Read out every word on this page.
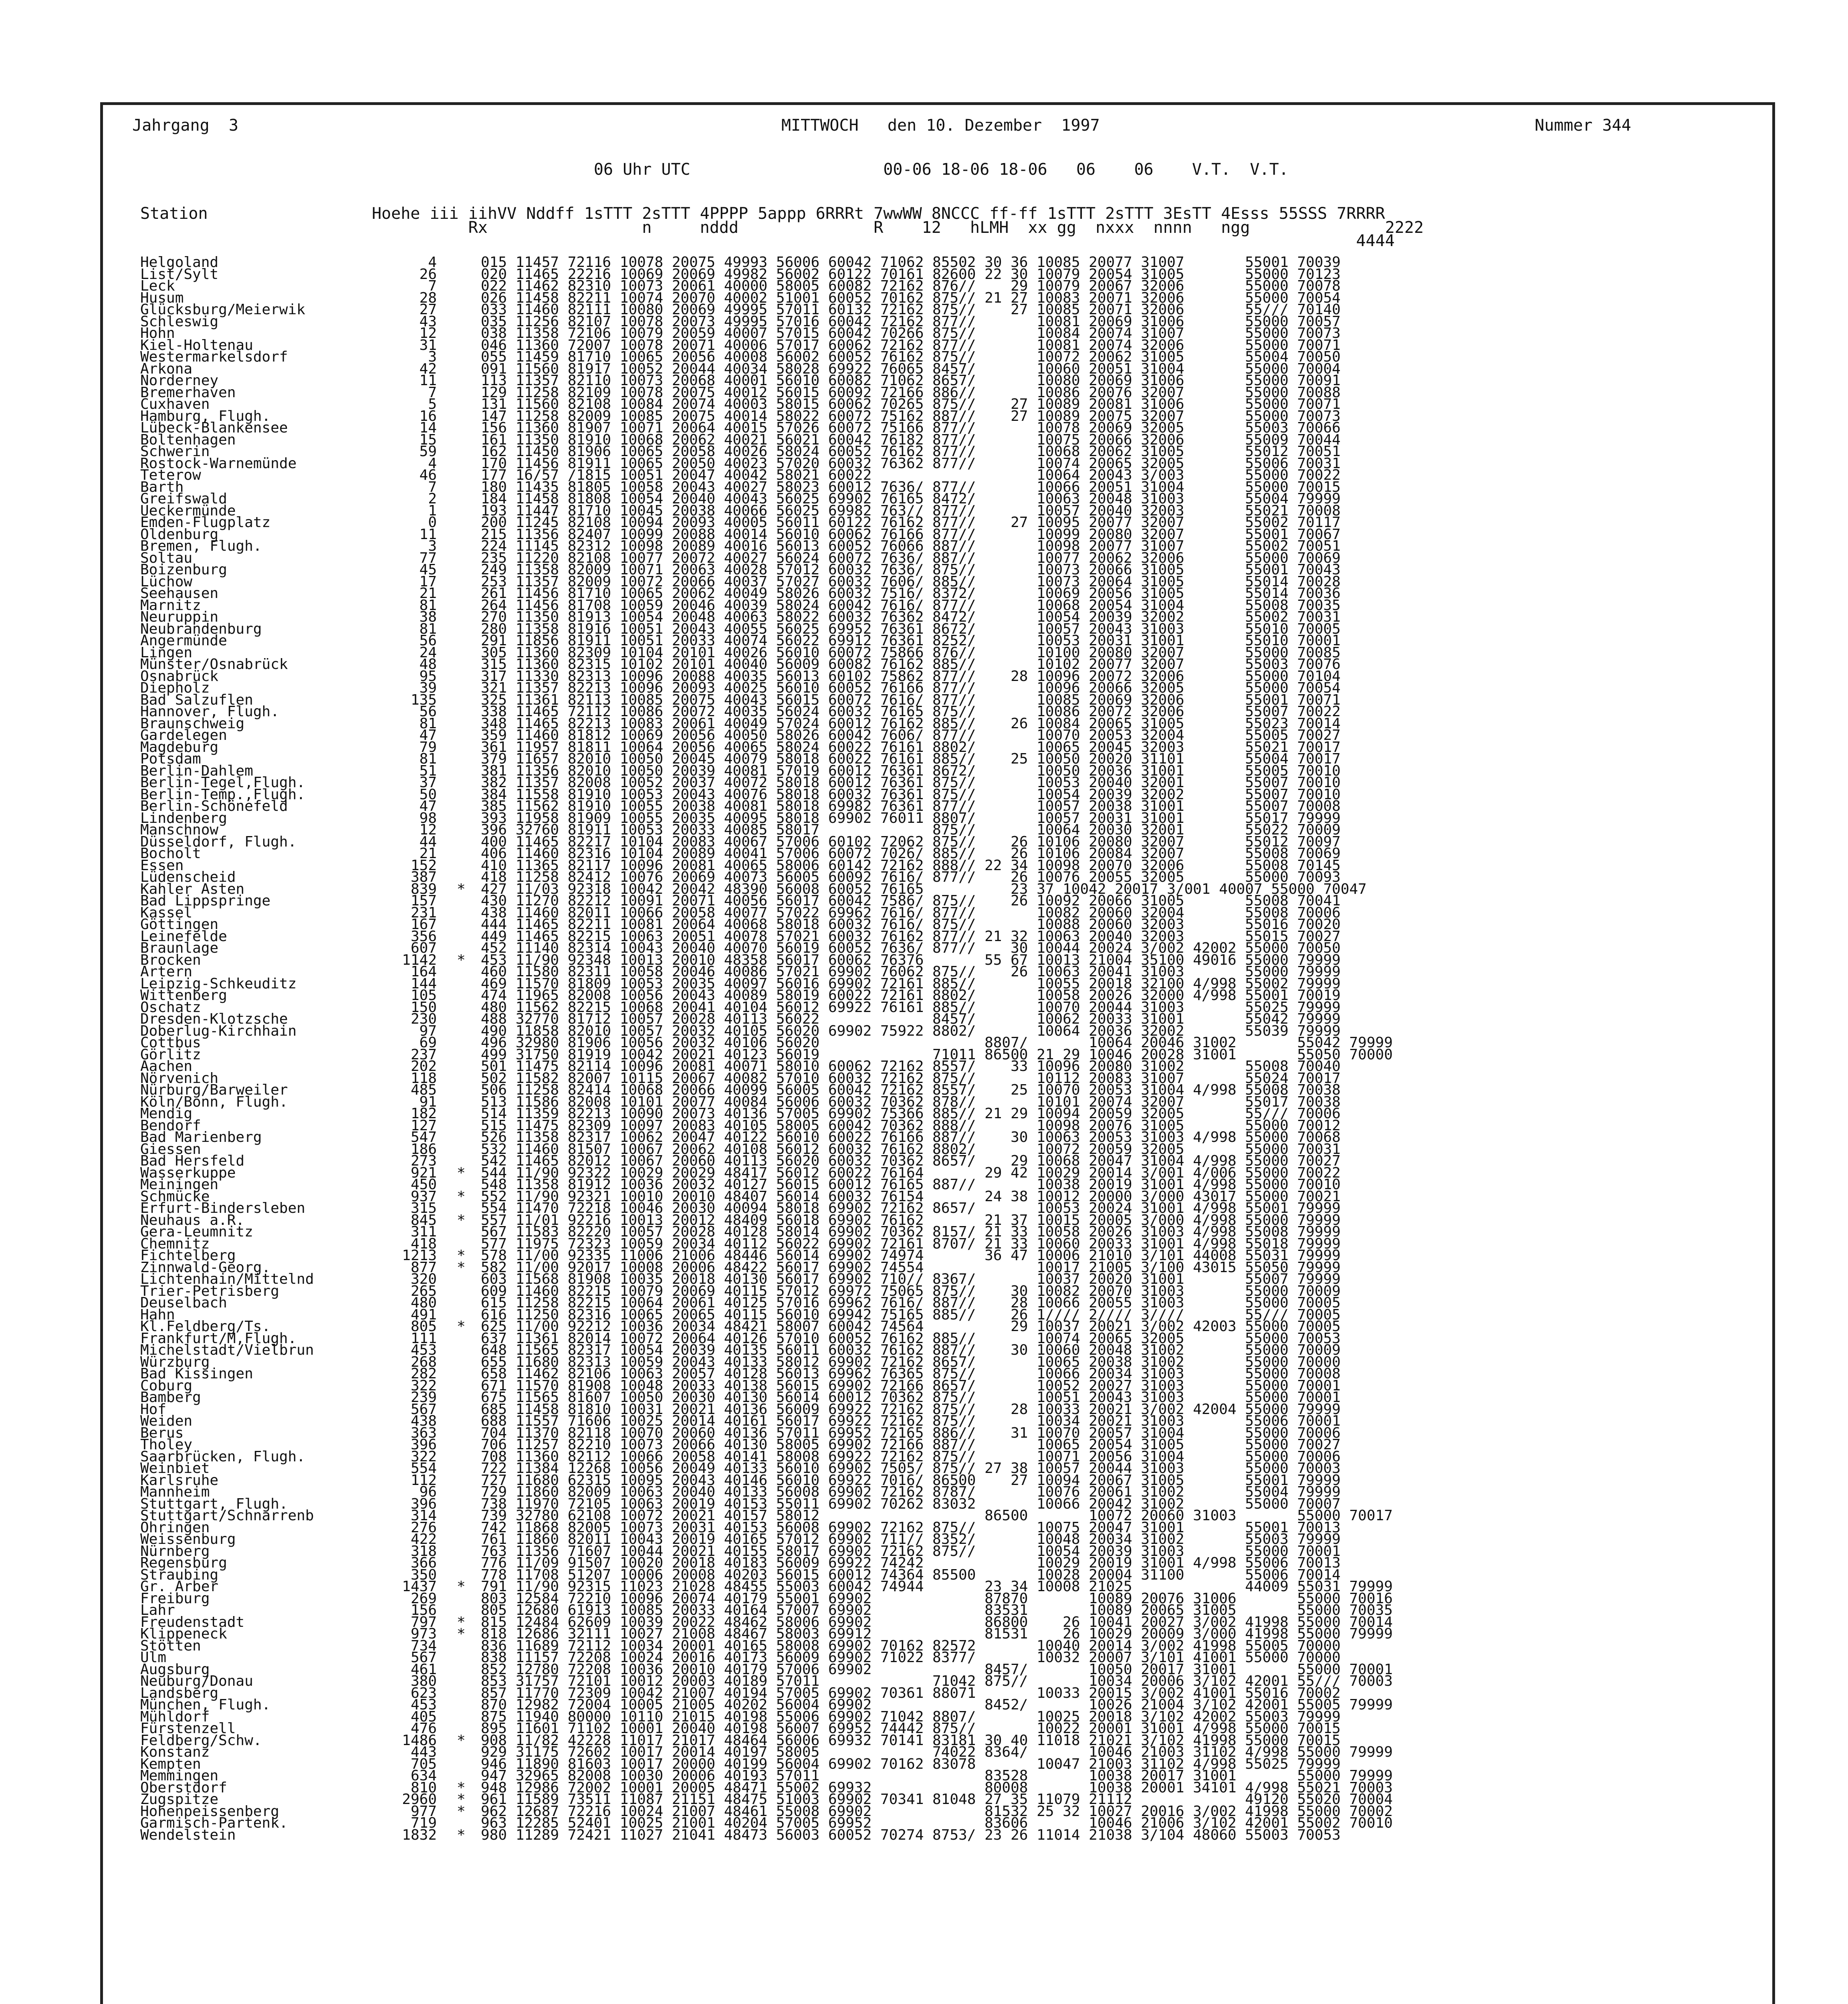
Jahrgang  3	MITTWOCH   den 10. Dezember  1997	Nummer 344
06 Uhr UTC                    00-06 18-06 18-06   06    06    V.T.  V.T.
Station                 Hoehe iii iihVV Nddff 1sTTT 2sTTT 4PPPP 5appp 6RRRt 7wwWW 8NCCC ff-ff 1sTTT 2sTTT 3EsTT 4Esss 55SSS 7RRRR
Rx                n     nddd              R    12   hLMH  xx gg  nxxx  nnnn   ngg              2222
4444
Helgoland	4	015 11457 72116 10078 20075 49993 56006 60042 71062 85502 30 36 10085 20077 31007       55001 70039
List/Sylt	26	020 11465 22216 10069 20069 49982 56002 60122 70161 82600 22 30 10079 20054 31005       55000 70123
Leck	7	022 11462 82310 10073 20061 40000 58005 60082 72162 876//    29 10079 20067 32006       55000 70078
Husum	28	026 11458 82211 10074 20070 40002 51001 60052 70162 875// 21 27 10083 20071 32006       55000 70054
Glücksburg/Meierwik	27	033 11460 82111 10080 20069 49995 57011 60132 72162 875//    27 10085 20071 32006       55/// 70140
Schleswig	43	035 11256 82107 10078 20073 49995 57016 60042 72162 877//       10081 20069 31006       55000 70057
Hohn	12	038 11358 72106 10079 20059 40007 57015 60042 70266 875//       10084 20074 31007       55000 70073
Kiel-Holtenau	31	046 11360 72007 10078 20071 40006 57017 60062 72162 877//       10081 20074 32006       55000 70071
Westermarkelsdorf	3	055 11459 81710 10065 20056 40008 56002 60052 76162 875//       10072 20062 31005       55004 70050
Arkona	42	091 11560 81917 10052 20044 40034 58028 69922 76065 8457/       10060 20051 31004       55000 70004
Norderney	11	113 11357 82110 10073 20068 40001 56010 60082 71062 8657/       10080 20069 31006       55000 70091
Bremerhaven	7	129 11258 82109 10078 20075 40012 56015 60092 72166 886//       10086 20076 32007       55000 70088
Cuxhaven	5	131 11560 82108 10084 20074 40003 58015 60062 70265 875//    27 10089 20081 31006       55000 70071
Hamburg, Flugh.	16	147 11258 82009 10085 20075 40014 58022 60072 75162 887//    27 10089 20075 32007       55000 70073
Lübeck-Blankensee	14	156 11360 81907 10071 20064 40015 57026 60072 75166 877//       10078 20069 32005       55003 70066
Boltenhagen	15	161 11350 81910 10068 20062 40021 56021 60042 76182 877//       10075 20066 32006       55009 70044
Schwerin	59	162 11450 81906 10065 20058 40026 58024 60052 76162 877//       10068 20062 31005       55012 70051
Rostock-Warnemünde	4	170 11456 81911 10065 20050 40023 57020 60032 76362 877//       10074 20065 32005       55006 70031
Teterow	46	177 16/57 /1815 10051 20047 40042 58021 60022                   10064 20043 3/003       55000 70022
Barth	7	180 11435 81805 10058 20043 40027 58023 60012 7636/ 877//       10066 20051 31004       55000 70015
Greifswald	2	184 11458 81808 10054 20040 40043 56025 69902 76165 8472/       10063 20048 31003       55004 79999
Ueckermünde	1	193 11447 81710 10045 20038 40066 56025 69982 763// 877//       10057 20040 32003       55021 70008
Emden-Flugplatz	0	200 11245 82108 10094 20093 40005 56011 60122 76162 877//    27 10095 20077 32007       55002 70117
Oldenburg	11	215 11356 82407 10099 20088 40014 56010 60062 76166 877//       10099 20080 32007       55001 70067
Bremen, Flugh.	3	224 11145 82312 10098 20089 40016 56013 60052 76066 887//       10098 20077 31007       55002 70051
Soltau	77	235 11220 82108 10077 20072 40027 56024 60072 7636/ 887//       10077 20062 32006       55000 70069
Boizenburg	45	249 11358 82009 10071 20063 40028 57012 60032 7636/ 875//       10073 20066 31005       55001 70043
Lüchow	17	253 11357 82009 10072 20066 40037 57027 60032 7606/ 885//       10073 20064 31005       55014 70028
Seehausen	21	261 11456 81710 10065 20062 40049 58026 60032 7516/ 8372/       10069 20056 31005       55014 70036
Marnitz	81	264 11456 81708 10059 20046 40039 58024 60042 7616/ 877//       10068 20054 31004       55008 70035
Neuruppin	38	270 11350 81913 10054 20048 40063 58022 60032 76362 8472/       10054 20039 32002       55002 70031
Neubrandenburg	81	280 11358 81916 10051 20043 40055 56025 69952 76361 8672/       10057 20043 31003       55010 70005
Angermünde	56	291 11856 81911 10051 20033 40074 56022 69912 76361 8252/       10053 20031 31001       55010 70001
Lingen	24	305 11360 82309 10104 20101 40026 56010 60072 75866 876//       10100 20080 32007       55000 70085
Münster/Osnabrück	48	315 11360 82315 10102 20101 40040 56009 60082 76162 885//       10102 20077 32007       55003 70076
Osnabrück	95	317 11330 82313 10096 20088 40035 56013 60102 75862 877//    28 10096 20072 32006       55000 70104
Diepholz	39	321 11357 82213 10096 20093 40025 56010 60052 76166 877//       10096 20066 32005       55000 70054
Bad Salzuflen	135	325 11361 82113 10085 20075 40043 56015 60072 7616/ 877//       10085 20069 32006       55001 70071
Hannover, Flugh.	56	338 11465 72112 10086 20072 40035 56024 60032 76165 875//       10086 20072 32006       55007 70022
Braunschweig	81	348 11465 82213 10083 20061 40049 57024 60012 76162 885//    26 10084 20065 31005       55023 70014
Gardelegen	47	359 11460 81812 10069 20056 40050 58026 60042 7606/ 877//       10070 20053 32004       55005 70027
Magdeburg	79	361 11957 81811 10064 20056 40065 58024 60022 76161 8802/       10065 20045 32003       55021 70017
Potsdam	81	379 11657 82010 10050 20045 40079 58018 60022 76161 885//    25 10050 20020 31101       55004 70017
Berlin-Dahlem	51	381 11356 82010 10050 20039 40081 57019 60012 76361 8672/       10050 20036 31001       55005 70010
Berlin-Tegel,Flugh.	37	382 11357 82008 10052 20037 40072 58018 60012 76361 875//       10053 20040 32001       55007 70010
Berlin-Temp.,Flugh.	50	384 11558 81910 10053 20043 40076 58018 60032 76361 875//       10054 20039 32002       55007 70010
Berlin-Schönefeld	47	385 11562 81910 10055 20038 40081 58018 69982 76361 877//       10057 20038 31001       55007 70008
Lindenberg	98	393 11958 81909 10055 20035 40095 58018 69902 76011 8807/       10057 20031 31001       55017 79999
Manschnow	12	396 32760 81911 10053 20033 40085 58017             875//       10064 20030 32001       55022 70009
Düsseldorf, Flugh.	44	400 11465 82217 10104 20083 40067 57006 60102 72062 875//    26 10106 20080 32007       55012 70097
Bocholt	21	406 11460 82316 10104 20089 40041 57006 60072 7026/ 885//    26 10106 20084 32007       55008 70069
Essen	152	410 11365 82117 10096 20081 40065 58006 60142 72162 888// 22 34 10098 20070 32006       55008 70145
Lüdenscheid	387	418 11258 82412 10076 20069 40073 56005 60092 7616/ 877//    26 10076 20055 32005       55000 70093
Kahler Asten	839 * 427 11/03 92318 10042 20042 48390 56008 60052 76165          23 37 10042 20017 3/001 40007 55000 70047
Bad Lippspringe	157	430 11270 82212 10091 20071 40056 56017 60042 7586/ 875//    26 10092 20066 31005       55008 70041
Kassel	231	438 11460 82011 10066 20058 40077 57022 69962 7616/ 877//       10082 20060 32004       55008 70006
Göttingen	167	444 11465 82211 10081 20064 40068 58018 60032 7616/ 875//       10088 20060 32003       55016 70020
Leinefelde	356	449 11465 82215 10063 20051 40078 57021 60032 76162 877// 21 32 10063 20040 32003       55015 70027
Braunlage	607	452 11140 82314 10043 20040 40070 56019 60052 7636/ 877//    30 10044 20024 3/002 42002 55000 70050
Brocken	1142 * 453 11/90 92348 10013 20010 48358 56017 60062 76376       55 67 10013 21004 35100 49016 55000 79999
Artern	164	460 11580 82311 10058 20046 40086 57021 69902 76062 875//    26 10063 20041 31003       55000 79999
Leipzig-Schkeuditz	144	469 11570 81809 10053 20035 40097 56016 69902 72161 885//       10055 20018 32100 4/998 55002 79999
Wittenberg	105	474 11965 82008 10056 20043 40089 58019 60022 72161 8802/       10058 20026 32000 4/998 55001 70019
Oschatz	150	480 11562 82215 10068 20041 40104 56012 69922 76161 885//       10070 20044 31003       55025 79999
Dresden-Klotzsche	230	488 32770 81712 10057 20028 40113 56022             8457/       10062 20033 31001       55042 79999
Doberlug-Kirchhain	97	490 11858 82010 10057 20032 40105 56020 69902 75922 8802/       10064 20036 32002       55039 79999
Cottbus	69	496 32980 81906 10056 20032 40106 56020                   8807/       10064 20046 31002       55042 79999
Görlitz	237	499 31750 81919 10042 20021 40123 56019             71011 86500 21 29 10046 20028 31001       55050 70000
Aachen	202	501 11475 82114 10096 20081 40071 58010 60062 72162 8557/    33 10096 20080 31002       55008 70040
Nörvenich	118	502 11582 82007 10115 20067 40082 57010 60032 72162 875//       10112 20083 31007       55024 70017
Nürburg/Barweiler	485	506 11258 82414 10068 20066 40099 56005 60042 72162 8557/    25 10070 20053 31004 4/998 55008 70038
Köln/Bonn, Flugh.	91	513 11586 82008 10101 20077 40084 56006 60032 70362 878//       10101 20074 32007       55017 70038
Mendig	182	514 11359 82213 10090 20073 40136 57005 69902 75366 885// 21 29 10094 20059 32005       55/// 70006
Bendorf	127	515 11475 82309 10097 20083 40105 58005 60042 70362 888//       10098 20076 31005       55000 70012
Bad Marienberg	547	526 11358 82317 10062 20047 40122 56010 60022 76166 887//    30 10063 20053 31003 4/998 55000 70068
Giessen	186	532 11460 81507 10067 20062 40108 56012 60032 76162 8802/       10072 20059 32005       55000 70031
Bad Hersfeld	273	542 11465 82012 10067 20060 40113 56020 60032 70362 8657/    29 10068 20047 31004 4/998 55000 70027
Wasserkuppe	921 * 544 11/90 92322 10029 20029 48417 56012 60022 76164       29 42 10029 20014 3/001 4/006 55000 70022
Meiningen	450	548 11358 81912 10036 20032 40127 56015 60012 76165 887//       10038 20019 31001 4/998 55000 70010
Schmücke	937 * 552 11/90 92321 10010 20010 48407 56014 60032 76154       24 38 10012 20000 3/000 43017 55000 70021
Erfurt-Bindersleben	315	554 11470 72218 10046 20030 40094 58018 69902 72162 8657/       10053 20024 31001 4/998 55001 79999
Neuhaus a.R.	845 * 557 11/01 92216 10013 20012 48409 56018 69902 76162       21 37 10015 20005 3/000 4/998 55000 79999
Gera-Leumnitz	311	567 11583 82220 10057 20028 40128 58014 69902 70362 8157/ 21 33 10058 20026 31003 4/998 55008 79999
Chemnitz	418	577 11975 72323 10059 20034 40112 56022 69902 72161 8707/ 21 33 10060 20033 31001 4/998 55018 79999
Fichtelberg	1213 * 578 11/00 92335 11006 21006 48446 56014 69902 74974       36 47 10006 21010 3/101 44008 55031 79999
Zinnwald-Georg.	877 * 582 11/00 92017 10008 20006 48422 56017 69902 74554             10017 21005 3/100 43015 55050 79999
Lichtenhain/Mittelnd	320	603 11568 81908 10035 20018 40130 56017 69902 710// 8367/       10037 20020 31001       55007 79999
Trier-Petrisberg	265	609 11460 82215 10079 20069 40115 57012 69972 75065 875//    30 10082 20070 31003       55000 70009
Deuselbach	480	615 11258 82215 10064 20061 40125 57016 69962 7616/ 887//    28 10066 20055 31003       55000 70005
Hahn	491	616 11250 82316 10065 20065 40115 56010 69942 75165 885//    26 1//// 2//// 3////       55/// 70005
Kl.Feldberg/Ts.	805 * 625 11/00 92212 10036 20034 48421 58007 60042 74564          29 10037 20021 3/002 42003 55000 70005
Frankfurt/M,Flugh.	111	637 11361 82014 10072 20064 40126 57010 60052 76162 885//       10074 20065 32005       55000 70053
Michelstadt/Vielbrun	453	648 11565 82317 10054 20039 40135 56011 60032 76162 887//    30 10060 20048 31002       55000 70009
Würzburg	268	655 11680 82313 10059 20043 40133 58012 69902 72162 8657/       10065 20038 31002       55000 70000
Bad Kissingen	282	658 11462 82106 10063 20057 40128 56013 69962 76365 875//       10066 20034 31003       55000 70008
Coburg	322	671 11570 81908 10048 20033 40138 56015 69902 72166 8657/       10052 20027 31003       55000 70001
Bamberg	239	675 11565 81607 10050 20030 40130 56014 60012 70362 875//       10051 20043 31003       55000 70001
Hof	567	685 11458 81810 10031 20021 40136 56009 69922 72162 875//    28 10033 20021 3/002 42004 55000 79999
Weiden	438	688 11557 71606 10025 20014 40161 56017 69922 72162 875//       10034 20021 31003       55006 70001
Berus	363	704 11370 82118 10070 20060 40136 57011 69952 72165 886//    31 10070 20057 31004       55000 70006
Tholey	396	706 11257 82210 10073 20066 40130 58005 69902 72166 887//       10065 20054 31005       55000 70027
Saarbrücken, Flugh.	322	708 11360 82112 10066 20058 40141 58008 69922 72162 875//       10071 20056 31004       55000 70006
Weinbiet	554	722 11384 12268 10056 20049 40133 56010 69902 7505/ 875// 27 38 10057 20044 31003       55000 70003
Karlsruhe	112	727 11680 62315 10095 20043 40146 56010 69922 7016/ 86500    27 10094 20067 31005       55001 79999
Mannheim	96	729 11860 82009 10063 20040 40133 56008 69902 72162 8787/       10076 20061 31002       55004 79999
Stuttgart, Flugh.	396	738 11970 72105 10063 20019 40153 55011 69902 70262 83032       10066 20042 31002       55000 70007
Stuttgart/Schnarrenb	314	739 32780 62108 10072 20021 40157 58012                   86500       10072 20060 31003       55000 70017
Öhringen	276	742 11868 82005 10073 20031 40153 56008 69902 72162 875//       10075 20047 31001       55001 70013
Weissenburg	422	761 11860 82011 10043 20019 40165 57012 69902 711// 8352/       10048 20034 31002       55003 79999
Nürnberg	318	763 11356 71607 10044 20021 40155 58017 69902 72162 875//       10054 20039 31003       55000 70001
Regensburg	366	776 11/09 91507 10020 20018 40183 56009 69922 74242             10029 20019 31001 4/998 55006 70013
Straubing	350	778 11708 51207 10006 20008 40203 56015 60012 74364 85500       10028 20004 31100       55006 70014
Gr. Arber	1437 * 791 11/90 92315 11023 21028 48455 55003 60042 74944       23 34 10008 21025             44009 55031 79999
Freiburg	269	803 12584 72210 10096 20074 40179 55001 69902             87870       10089 20076 31006       55000 70016
Lahr	156	805 12680 61913 10085 20033 40164 57007 69902             83531       10089 20065 31005       55000 70035
Freudenstadt	797 * 815 12484 62609 10039 20022 48462 58006 69902             86800    26 10041 20027 3/002 41998 55000 70014
Klippeneck	973 * 818 12686 32111 10027 21008 48467 58003 69912             81531    26 10029 20009 3/000 41998 55000 79999
Stötten	734	836 11689 72112 10034 20001 40165 58008 69902 70162 82572       10040 20014 3/002 41998 55005 70000
Ulm	567	838 11157 72208 10024 20016 40173 56009 69902 71022 8377/       10032 20007 3/101 41001 55000 70000
Augsburg	461	852 12780 72208 10036 20010 40179 57006 69902             8457/       10050 20017 31001       55000 70001
Neuburg/Donau	380	853 31757 72101 10012 20003 40189 57011             71042 875//       10034 20006 3/102 42001 55/// 70003
Landsberg	623	857 11770 72309 10042 21007 40194 57005 69902 70361 88071       10033 20015 3/002 41001 55016 70002
München, Flugh.	453	870 12982 72004 10005 21005 40202 56004 69902             8452/       10026 21004 3/102 42001 55005 79999
Mühldorf	405	875 11940 80000 10110 21015 40198 55006 69902 71042 8807/       10025 20018 3/102 42002 55003 79999
Fürstenzell	476	895 11601 71102 10001 20040 40198 56007 69952 74442 875//       10022 20001 31001 4/998 55000 70015
Feldberg/Schw.	1486 * 908 11/82 42228 11017 21017 48464 56006 69932 70141 83181 30 40 11018 21021 3/102 41998 55000 70015
Konstanz	443	929 31175 72602 10017 20014 40197 58005             74022 8364/       10046 21003 31102 4/998 55000 79999
Kempten	705	946 11890 81603 10017 20000 40199 56004 69902 70162 83078       10047 21003 31102 4/998 55025 79999
Memmingen	634	947 32965 82008 10030 20006 40193 57011                   83528       10038 20017 31001       55000 79999
Oberstdorf	810 * 948 12986 72002 10001 20005 48471 55002 69932             80008       10038 20001 34101 4/998 55021 70003
Zugspitze	2960 * 961 11589 73511 11087 21151 48475 51003 69902 70341 81048 27 35 11079 21112             49120 55020 70004
Hohenpeissenberg	977 * 962 12687 72216 10024 21007 48461 55008 69902             81532 25 32 10027 20016 3/002 41998 55000 70002
Garmisch-Partenk.	719	963 12285 52401 10025 21001 40204 57005 69952             83606       10046 21006 3/102 42001 55002 70010
Wendelstein	1832 * 980 11289 72421 11027 21041 48473 56003 60052 70274 8753/ 23 26 11014 21038 3/104 48060 55003 70053
